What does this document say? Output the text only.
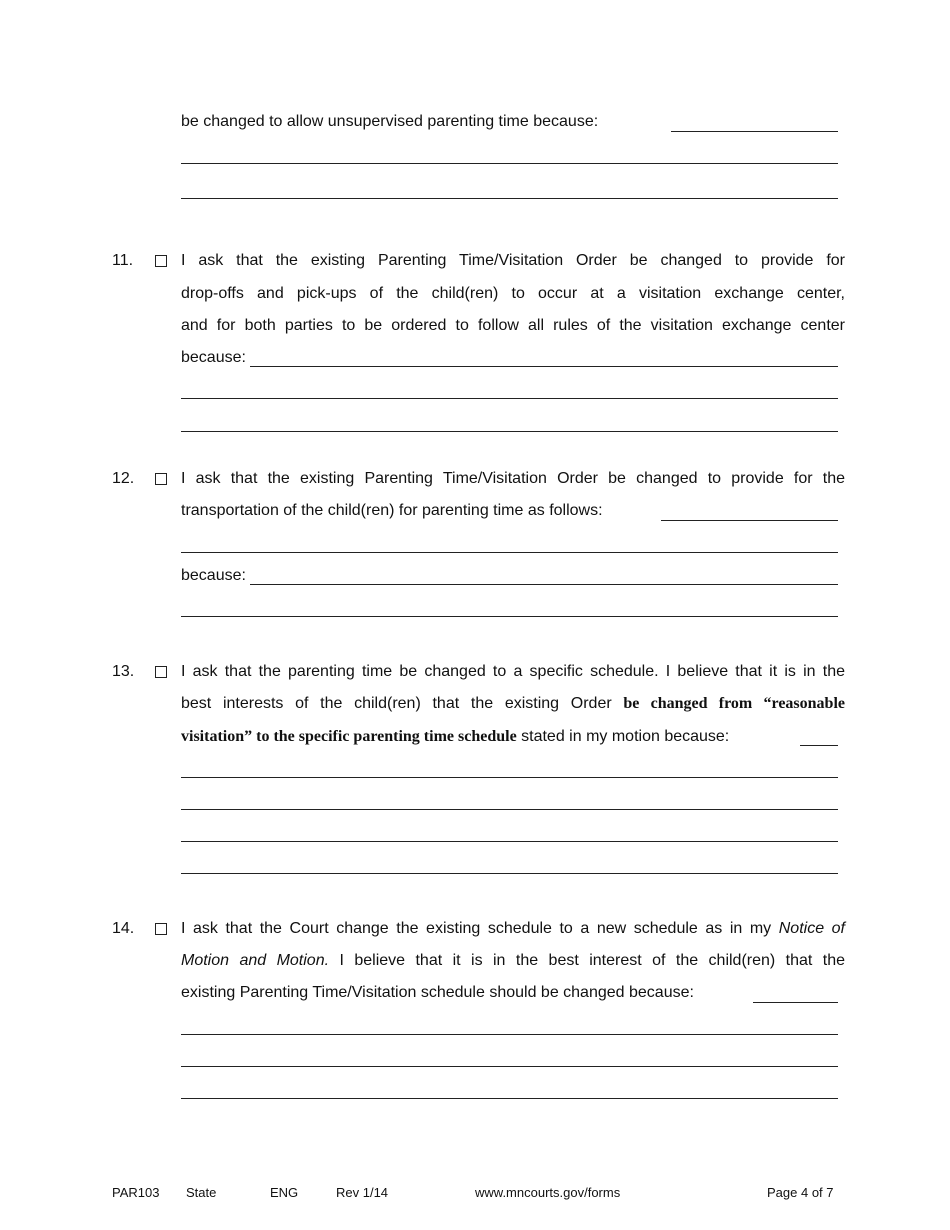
be changed to allow unsupervised parenting time because:
11.	I ask that the existing Parenting Time/Visitation Order be changed to provide for
drop-offs and pick-ups of the child(ren) to occur at a visitation exchange center,
and for both parties to be ordered to follow all rules of the visitation exchange center
because:
12.	I ask that the existing Parenting Time/Visitation Order be changed to provide for the
transportation of the child(ren) for parenting time as follows:
because:
13.	I ask that the parenting time be changed to a specific schedule. I believe that it is in the
best interests of the child(ren) that the existing Order be changed from “reasonable
visitation” to the specific parenting time schedule stated in my motion because:
14.	I ask that the Court change the existing schedule to a new schedule as in my Notice of
Motion and Motion. I believe that it is in the best interest of the child(ren) that the
existing Parenting Time/Visitation schedule should be changed because:
PAR103 State	ENG	Rev 1/14	www.mncourts.gov/forms	Page 4 of 7
